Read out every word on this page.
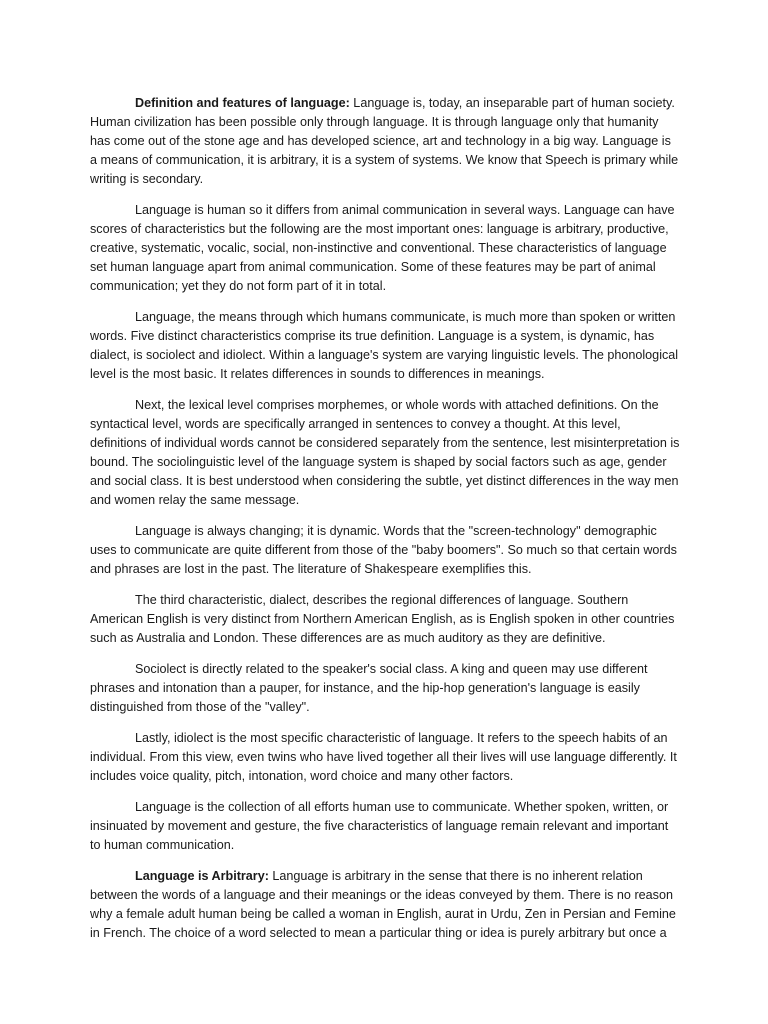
Definition and features of language: Language is, today, an inseparable part of human society. Human civilization has been possible only through language. It is through language only that humanity has come out of the stone age and has developed science, art and technology in a big way. Language is a means of communication, it is arbitrary, it is a system of systems. We know that Speech is primary while writing is secondary.

Language is human so it differs from animal communication in several ways. Language can have scores of characteristics but the following are the most important ones: language is arbitrary, productive, creative, systematic, vocalic, social, non-instinctive and conventional. These characteristics of language set human language apart from animal communication. Some of these features may be part of animal communication; yet they do not form part of it in total.

Language, the means through which humans communicate, is much more than spoken or written words. Five distinct characteristics comprise its true definition. Language is a system, is dynamic, has dialect, is sociolect and idiolect. Within a language's system are varying linguistic levels. The phonological level is the most basic. It relates differences in sounds to differences in meanings.

Next, the lexical level comprises morphemes, or whole words with attached definitions. On the syntactical level, words are specifically arranged in sentences to convey a thought. At this level, definitions of individual words cannot be considered separately from the sentence, lest misinterpretation is bound. The sociolinguistic level of the language system is shaped by social factors such as age, gender and social class. It is best understood when considering the subtle, yet distinct differences in the way men and women relay the same message.

Language is always changing; it is dynamic. Words that the "screen-technology" demographic uses to communicate are quite different from those of the "baby boomers". So much so that certain words and phrases are lost in the past. The literature of Shakespeare exemplifies this.

The third characteristic, dialect, describes the regional differences of language. Southern American English is very distinct from Northern American English, as is English spoken in other countries such as Australia and London. These differences are as much auditory as they are definitive.

Sociolect is directly related to the speaker's social class. A king and queen may use different phrases and intonation than a pauper, for instance, and the hip-hop generation's language is easily distinguished from those of the "valley".

Lastly, idiolect is the most specific characteristic of language. It refers to the speech habits of an individual. From this view, even twins who have lived together all their lives will use language differently. It includes voice quality, pitch, intonation, word choice and many other factors.

Language is the collection of all efforts human use to communicate. Whether spoken, written, or insinuated by movement and gesture, the five characteristics of language remain relevant and important to human communication.

Language is Arbitrary: Language is arbitrary in the sense that there is no inherent relation between the words of a language and their meanings or the ideas conveyed by them. There is no reason why a female adult human being be called a woman in English, aurat in Urdu, Zen in Persian and Femine in French. The choice of a word selected to mean a particular thing or idea is purely arbitrary but once a
